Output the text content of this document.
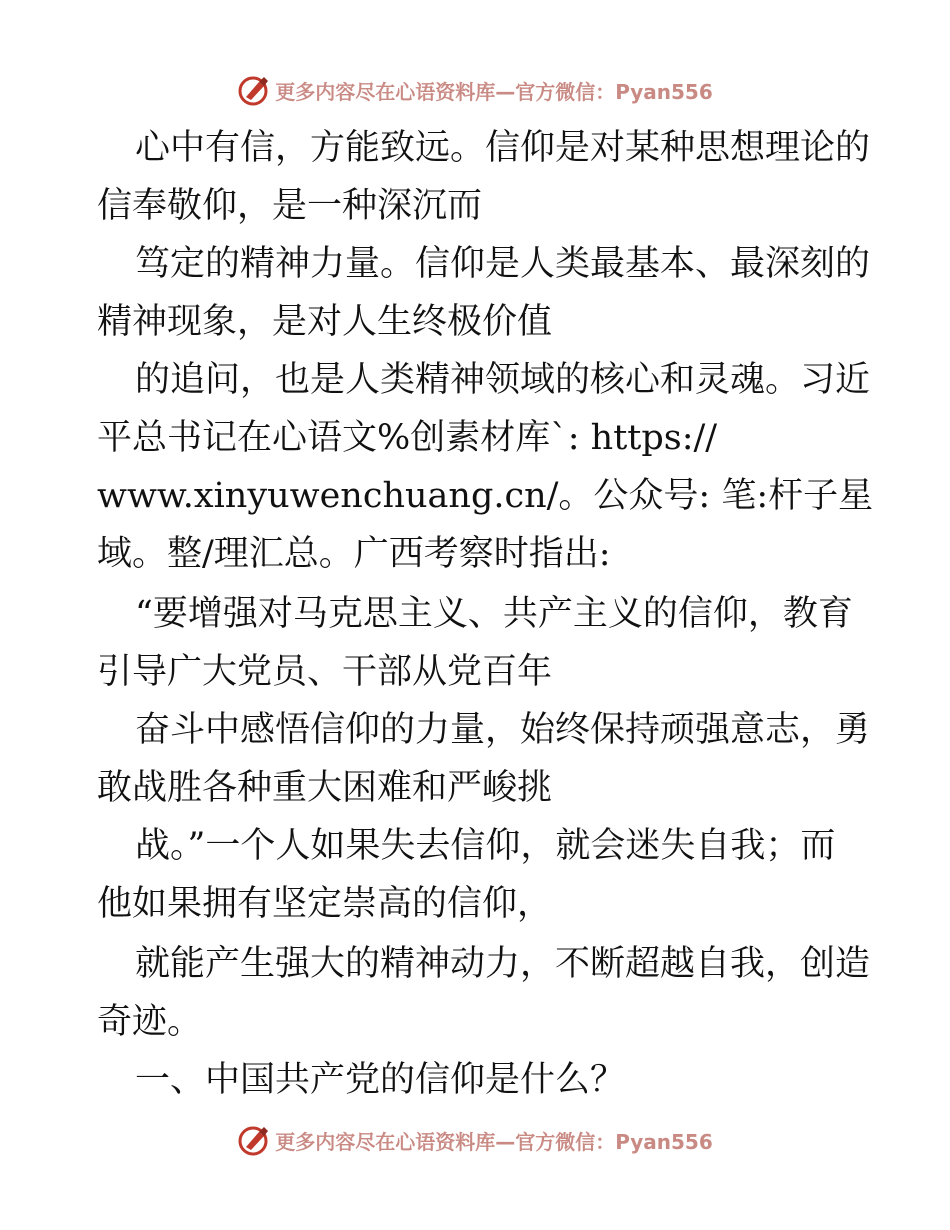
更多内容尽在心语资料库—官方微信：Pyan556
心中有信，方能致远。信仰是对某种思想理论的
信奉敬仰，是一种深沉而
笃定的精神力量。信仰是人类最基本、最深刻的
精神现象，是对人生终极价值
的追问，也是人类精神领域的核心和灵魂。习近
平总书记在心语文%创素材库`: https://
www.xinyuwenchuang.cn/。公众号: 笔:杆子星
域。整/理汇总。广西考察时指出:
“要增强对马克思主义、共产主义的信仰，教育
引导广大党员、干部从党百年
奋斗中感悟信仰的力量，始终保持顽强意志，勇
敢战胜各种重大困难和严峻挑
战。”一个人如果失去信仰，就会迷失自我；而
他如果拥有坚定崇高的信仰，
就能产生强大的精神动力，不断超越自我，创造
奇迹。
一、中国共产党的信仰是什么？
更多内容尽在心语资料库—官方微信：Pyan556
